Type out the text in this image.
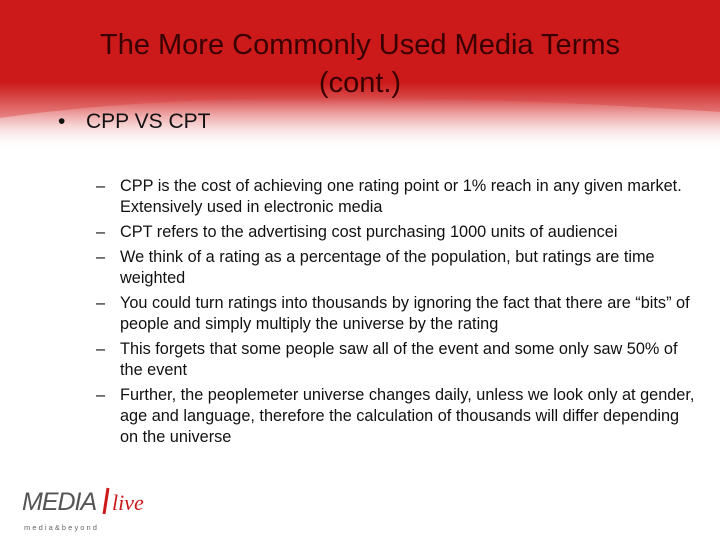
The More Commonly Used Media Terms
(cont.)
• CPP VS CPT
– CPP is the cost of achieving one rating point or 1% reach in any given market. Extensively used in electronic media
– CPT refers to the advertising cost purchasing 1000 units of audiencei
– We think of a rating as a percentage of the population, but ratings are time weighted
– You could turn ratings into thousands by ignoring the fact that there are “bits” of people and simply multiply the universe by the rating
– This forgets that some people saw all of the event and some only saw 50% of the event
– Further, the peoplemeter universe changes daily, unless we look only at gender, age and language, therefore the calculation of thousands will differ depending on the universe
MEDIA live
m e d i a & b e y o n d
